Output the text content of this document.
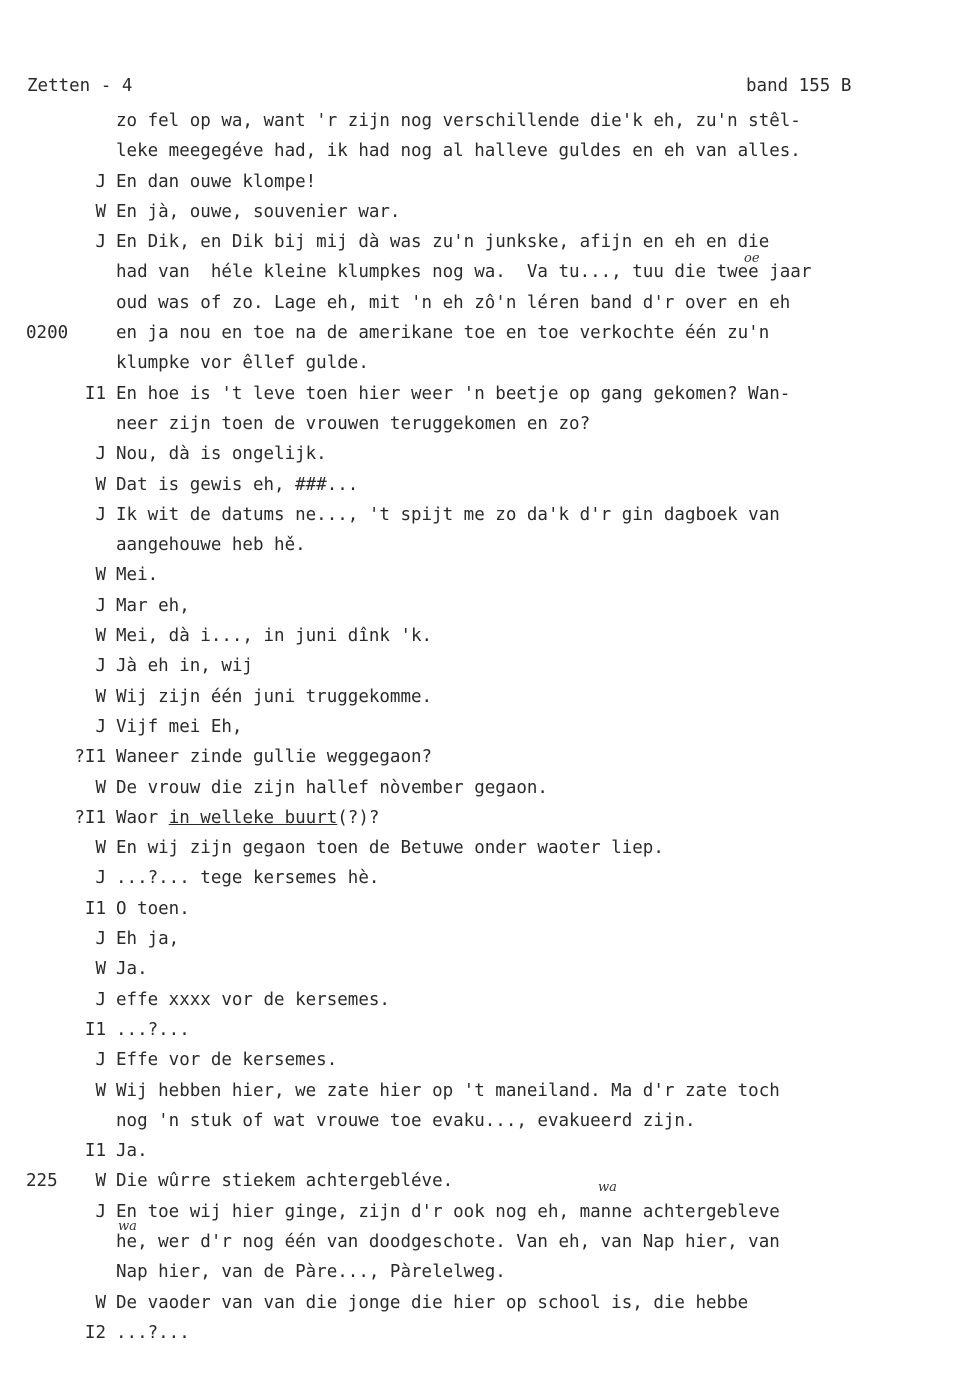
Zetten - 4	band 155 B
zo fel op wa, want 'r zijn nog verschillende die'k eh, zu'n stêl-
leke meegegéve had, ik had nog al halleve guldes en eh van alles.
J En dan ouwe klompe!
W En jà, ouwe, souvenier war.
J En Dik, en Dik bij mij dà was zu'n junkske, afijn en eh en die
had van  héle kleine klumpkes nog wa.  Va tu..., tuu die twee jaar
oud was of zo. Lage eh, mit 'n eh zô'n léren band d'r over en eh
0200	en ja nou en toe na de amerikane toe en toe verkochte één zu'n
klumpke vor êllef gulde.
I1 En hoe is 't leve toen hier weer 'n beetje op gang gekomen? Wan-
neer zijn toen de vrouwen teruggekomen en zo?
J Nou, dà is ongelijk.
W Dat is gewis eh, ###...
J Ik wit de datums ne..., 't spijt me zo da'k d'r gin dagboek van
aangehouwe heb hě.
W Mei.
J Mar eh,
W Mei, dà i..., in juni dînk 'k.
J Jà eh in, wij
W Wij zijn één juni truggekomme.
J Vijf mei Eh,
?I1 Waneer zinde gullie weggegaon?
W De vrouw die zijn hallef nòvember gegaon.
?I1 Waor in welleke buurt(?)?
W En wij zijn gegaon toen de Betuwe onder waoter liep.
J ...?... tege kersemes hè.
I1 O toen.
J Eh ja,
W Ja.
J effe xxxx vor de kersemes.
I1 ...?...
J Effe vor de kersemes.
W Wij hebben hier, we zate hier op 't maneiland. Ma d'r zate toch
nog 'n stuk of wat vrouwe toe evaku..., evakueerd zijn.
I1 Ja.
225	W Die wûrre stiekem achtergebléve.
J En toe wij hier ginge, zijn d'r ook nog eh, manne achtergebleve
he, wer d'r nog één van doodgeschote. Van eh, van Nap hier, van
Nap hier, van de Pàre..., Pàrelelweg.
W De vaoder van van die jonge die hier op school is, die hebbe
I2 ...?...
oe
wa
wa
